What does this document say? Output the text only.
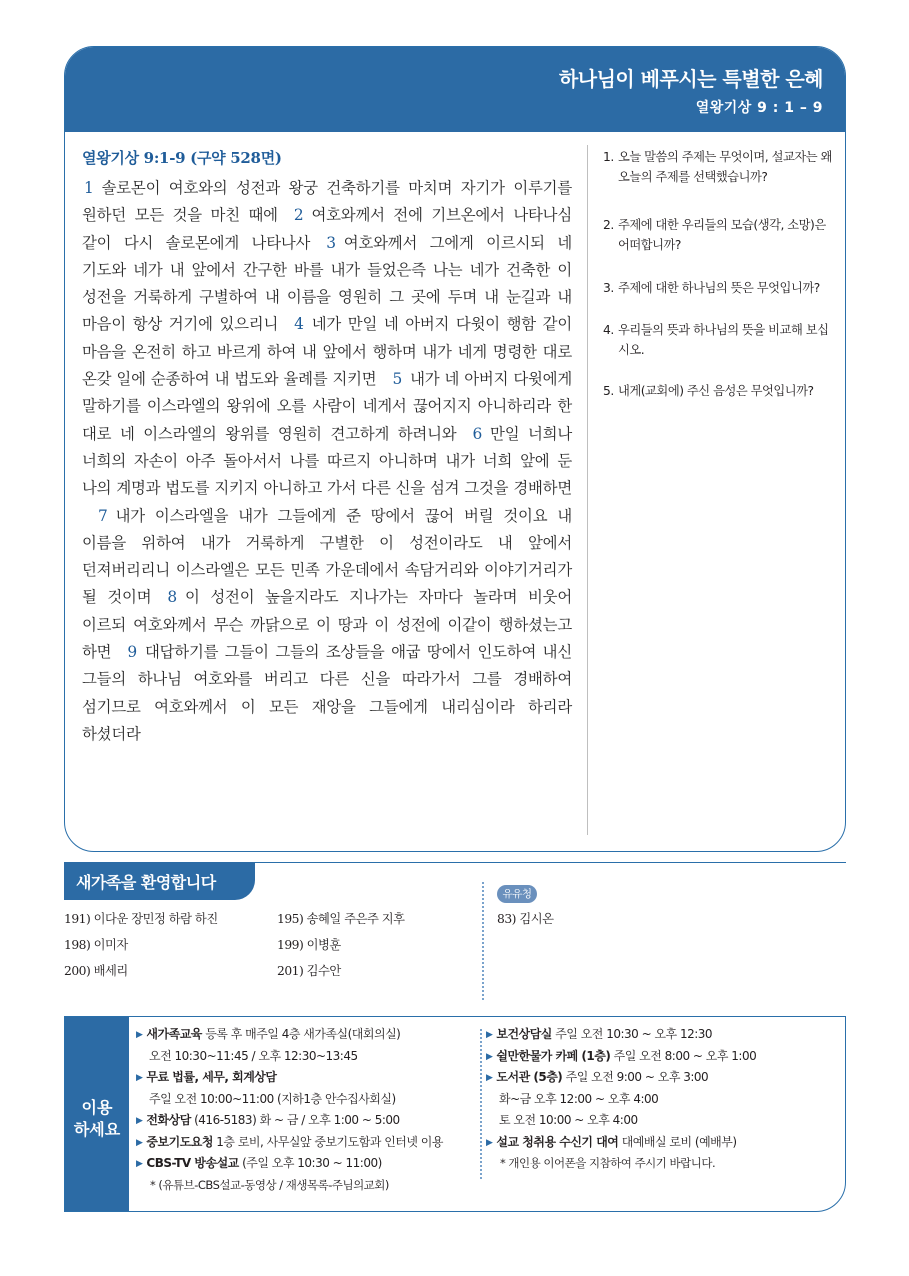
하나님이 베푸시는 특별한 은혜
열왕기상 9 : 1 – 9
열왕기상 9:1-9 (구약 528면)
1 솔로몬이 여호와의 성전과 왕궁 건축하기를 마치며 자기가 이루기를 원하던 모든 것을 마친 때에 2 여호와께서 전에 기브온에서 나타나심 같이 다시 솔로몬에게 나타나사 3 여호와께서 그에게 이르시되 네 기도와 네가 내 앞에서 간구한 바를 내가 들었은즉 나는 네가 건축한 이 성전을 거룩하게 구별하여 내 이름을 영원히 그 곳에 두며 내 눈길과 내 마음이 항상 거기에 있으리니 4 네가 만일 네 아버지 다윗이 행함 같이 마음을 온전히 하고 바르게 하여 내 앞에서 행하며 내가 네게 명령한 대로 온갖 일에 순종하여 내 법도와 율례를 지키면 5 내가 네 아버지 다윗에게 말하기를 이스라엘의 왕위에 오를 사람이 네게서 끊어지지 아니하리라 한 대로 네 이스라엘의 왕위를 영원히 견고하게 하려니와 6 만일 너희나 너희의 자손이 아주 돌아서서 나를 따르지 아니하며 내가 너희 앞에 둔 나의 계명과 법도를 지키지 아니하고 가서 다른 신을 섬겨 그것을 경배하면7 내가 이스라엘을 내가 그들에게 준 땅에서 끊어 버릴 것이요 내 이름을 위하여 내가 거룩하게 구별한 이 성전이라도 내 앞에서 던져버리리니 이스라엘은 모든 민족 가운데에서 속담거리와 이야기거리가 될 것이며 8 이 성전이 높을지라도 지나가는 자마다 놀라며 비웃어 이르되 여호와께서 무슨 까닭으로 이 땅과 이 성전에 이같이 행하셨는고 하면 9 대답하기를 그들이 그들의 조상들을 애굽 땅에서 인도하여 내신 그들의 하나님 여호와를 버리고 다른 신을 따라가서 그를 경배하여 섬기므로 여호와께서 이 모든 재앙을 그들에게 내리심이라 하리라 하셨더라
1. 오늘 말씀의 주제는 무엇이며, 설교자는 왜 오늘의 주제를 선택했습니까?
2. 주제에 대한 우리들의 모습(생각, 소망)은 어떠합니까?
3. 주제에 대한 하나님의 뜻은 무엇입니까?
4. 우리들의 뜻과 하나님의 뜻을 비교해 보십시오.
5. 내게(교회에) 주신 음성은 무엇입니까?
새가족을 환영합니다
191) 이다운 장민정 하람 하진
198) 이미자
200) 배세리
195) 송혜일 주은주 지후
199) 이병훈
201) 김수안
유유청
83) 김시온
이용
하세요
▶ 새가족교육 등록 후 매주일 4층 새가족실(대회의실)
오전 10:30~11:45 / 오후 12:30~13:45
▶ 무료 법률, 세무, 회계상담
주일 오전 10:00~11:00 (지하1층 안수집사회실)
▶ 전화상담 (416-5183) 화 ~ 금 / 오후 1:00 ~ 5:00
▶ 중보기도요청 1층 로비, 사무실앞 중보기도함과 인터넷 이용
▶ CBS-TV 방송설교 (주일 오후 10:30 ~ 11:00)
* (유튜브-CBS설교-동영상 / 재생목록-주님의교회)
▶ 보건상담실 주일 오전 10:30 ~ 오후 12:30
▶ 쉴만한물가 카페 (1층) 주일 오전 8:00 ~ 오후 1:00
▶ 도서관 (5층) 주일 오전 9:00 ~ 오후 3:00
화~금 오후 12:00 ~ 오후 4:00
토 오전 10:00 ~ 오후 4:00
▶ 설교 청취용 수신기 대여 대예배실 로비 (예배부)
* 개인용 이어폰을 지참하여 주시기 바랍니다.
